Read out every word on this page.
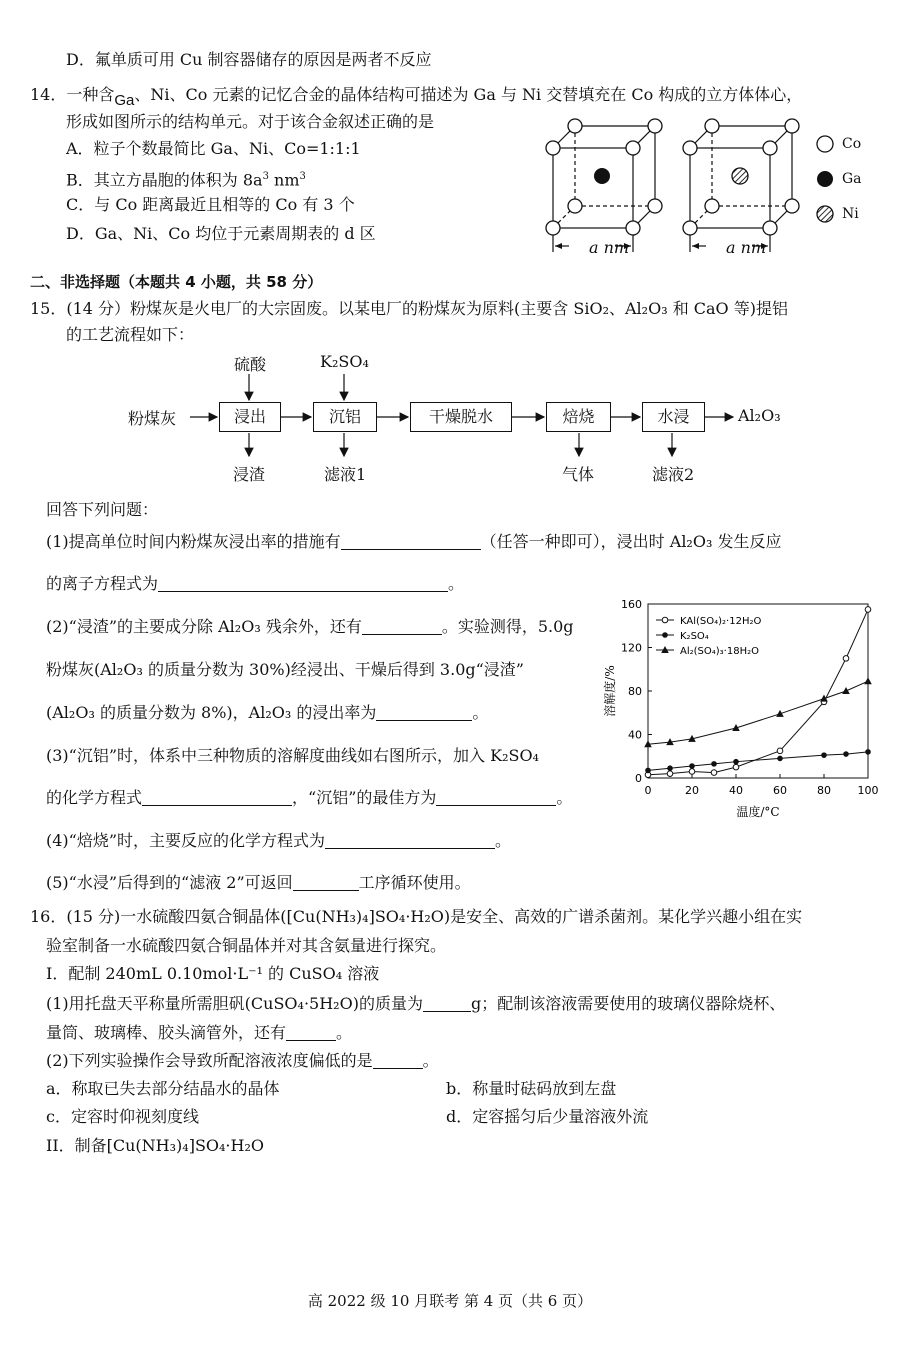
D．氟单质可用 Cu 制容器储存的原因是两者不反应
14．一种含Ga、Ni、Co 元素的记忆合金的晶体结构可描述为 Ga 与 Ni 交替填充在 Co 构成的立方体体心，
形成如图所示的结构单元。对于该合金叙述正确的是
A．粒子个数最简比 Ga、Ni、Co=1:1:1
B．其立方晶胞的体积为 $8a^3$ $nm^3$
C．与 Co 距离最近且相等的 Co 有 3 个
D．Ga、Ni、Co 均位于元素周期表的 d 区
a nm	a nm
Co
Ga
Ni
二、非选择题（本题共 4 小题，共 58 分）
15．(14 分）粉煤灰是火电厂的大宗固废。以某电厂的粉煤灰为原料(主要含 SiO₂、Al₂O₃ 和 CaO 等)提铝
的工艺流程如下：
粉煤灰	浸出	沉铝	干燥脱水	焙烧	水浸	Al₂O₃
硫酸	K₂SO₄
浸渣	滤液1	气体	滤液2
回答下列问题：
(1)提高单位时间内粉煤灰浸出率的措施有	（任答一种即可），浸出时 Al₂O₃ 发生反应
的离子方程式为	。
(2)“浸渣”的主要成分除 Al₂O₃ 残余外，还有	。实验测得，5.0g
粉煤灰(Al₂O₃ 的质量分数为 30%)经浸出、干燥后得到 3.0g“浸渣”
(Al₂O₃ 的质量分数为 8%)，Al₂O₃ 的浸出率为	。
(3)“沉铝”时，体系中三种物质的溶解度曲线如右图所示，加入 K₂SO₄
的化学方程式	，“沉铝”的最佳方为	。
(4)“焙烧”时，主要反应的化学方程式为	。
(5)“水浸”后得到的“滤液 2”可返回	工序循环使用。
0	20	40	60	80 100
0
40
80
120
160
温度/°C
溶解度/%
KAl(SO₄)₂·12H₂O
K₂SO₄
Al₂(SO₄)₃·18H₂O
16．(15 分)一水硫酸四氨合铜晶体([Cu(NH₃)₄]SO₄·H₂O)是安全、高效的广谱杀菌剂。某化学兴趣小组在实
验室制备一水硫酸四氨合铜晶体并对其含氨量进行探究。
I．配制 240mL 0.10mol·L⁻¹ 的 CuSO₄ 溶液
(1)用托盘天平称量所需胆矾(CuSO₄·5H₂O)的质量为	g；配制该溶液需要使用的玻璃仪器除烧杯、
量筒、玻璃棒、胶头滴管外，还有	。
(2)下列实验操作会导致所配溶液浓度偏低的是	。
a．称取已失去部分结晶水的晶体	b．称量时砝码放到左盘
c．定容时仰视刻度线	d．定容摇匀后少量溶液外流
II．制备[Cu(NH₃)₄]SO₄·H₂O
高 2022 级 10 月联考 第 4 页（共 6 页）
